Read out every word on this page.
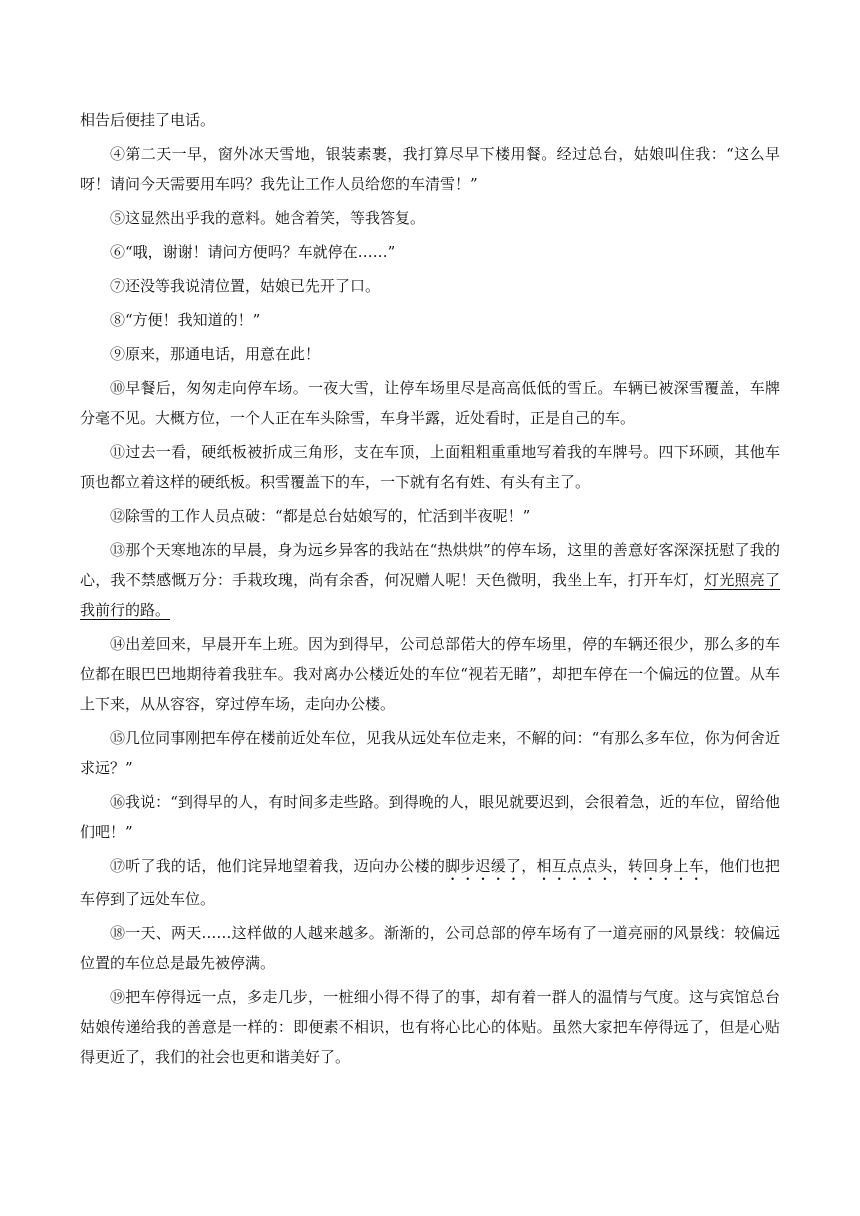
相告后便挂了电话。

④第二天一早，窗外冰天雪地，银装素裹，我打算尽早下楼用餐。经过总台，姑娘叫住我：“这么早呀！请问今天需要用车吗？我先让工作人员给您的车清雪！”

⑤这显然出乎我的意料。她含着笑，等我答复。

⑥“哦，谢谢！请问方便吗？车就停在……”

⑦还没等我说清位置，姑娘已先开了口。

⑧“方便！我知道的！”

⑨原来，那通电话，用意在此！

⑩早餐后，匆匆走向停车场。一夜大雪，让停车场里尽是高高低低的雪丘。车辆已被深雪覆盖，车牌分毫不见。大概方位，一个人正在车头除雪，车身半露，近处看时，正是自己的车。

⑪过去一看，硬纸板被折成三角形，支在车顶，上面粗粗重重地写着我的车牌号。四下环顾，其他车顶也都立着这样的硬纸板。积雪覆盖下的车，一下就有名有姓、有头有主了。

⑫除雪的工作人员点破：“都是总台姑娘写的，忙活到半夜呢！”

⑬那个天寒地冻的早晨，身为远乡异客的我站在“热烘烘”的停车场，这里的善意好客深深抚慰了我的心，我不禁感慨万分：手栽玫瑰，尚有余香，何况赠人呢！天色微明，我坐上车，打开车灯，灯光照亮了我前行的路。

⑭出差回来，早晨开车上班。因为到得早，公司总部偌大的停车场里，停的车辆还很少，那么多的车位都在眼巴巴地期待着我驻车。我对离办公楼近处的车位“视若无睹”，却把车停在一个偏远的位置。从车上下来，从从容容，穿过停车场，走向办公楼。

⑮几位同事刚把车停在楼前近处车位，见我从远处车位走来，不解的问：“有那么多车位，你为何舍近求远？”

⑯我说：“到得早的人，有时间多走些路。到得晚的人，眼见就要迟到，会很着急，近的车位，留给他们吧！”

⑰听了我的话，他们诧异地望着我，迈向办公楼的脚步迟缓了，相互点点头，转回身上车，他们也把车停到了远处车位。

⑱一天、两天……这样做的人越来越多。渐渐的，公司总部的停车场有了一道亮丽的风景线：较偏远位置的车位总是最先被停满。

⑲把车停得远一点，多走几步，一桩细小得不得了的事，却有着一群人的温情与气度。这与宾馆总台姑娘传递给我的善意是一样的：即便素不相识，也有将心比心的体贴。虽然大家把车停得远了，但是心贴得更近了，我们的社会也更和谐美好了。
